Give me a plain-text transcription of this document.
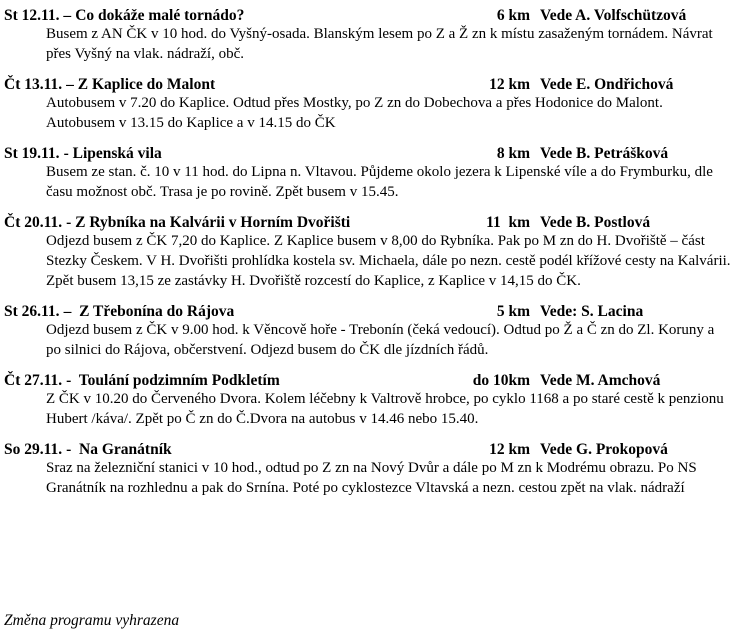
St 12.11. – Co dokáže malé tornádo?	6 km Vede A. Volfschützová

Busem z AN ČK v 10 hod. do Vyšný-osada. Blanským lesem po Z a Ž zn k místu zasaženým tornádem. Návrat přes Vyšný na vlak. nádraží, obč.

Čt 13.11. – Z Kaplice do Malont	12 km Vede E. Ondřichová

Autobusem v 7.20 do Kaplice. Odtud přes Mostky, po Z zn do Dobechova a přes Hodonice do Malont. Autobusem v 13.15 do Kaplice a v 14.15 do ČK

St 19.11. - Lipenská vila	8 km Vede B. Petrášková

Busem ze stan. č. 10 v 11 hod. do Lipna n. Vltavou. Půjdeme okolo jezera k Lipenské víle a do Frymburku, dle času možnost obč. Trasa je po rovině. Zpět busem v 15.45.

Čt 20.11. - Z Rybníka na Kalvárii v Horním Dvořišti	11  km Vede B. Postlová

Odjezd busem z ČK 7,20 do Kaplice. Z Kaplice busem v 8,00 do Rybníka. Pak po M zn do H. Dvořiště – část Stezky Českem. V H. Dvořišti prohlídka kostela sv. Michaela, dále po nezn. cestě podél křížové cesty na Kalvárii. Zpět busem 13,15 ze zastávky H. Dvořiště rozcestí do Kaplice, z Kaplice v 14,15 do ČK.

St 26.11. –  Z Třebonína do Rájova	5 km Vede: S. Lacina

Odjezd busem z ČK v 9.00 hod. k Věncově hoře - Trebonín (čeká vedoucí). Odtud po Ž a Č zn do Zl. Koruny a po silnici do Rájova, občerstvení. Odjezd busem do ČK dle jízdních řádů.

Čt 27.11. -  Toulání podzimním Podkletím	do 10km Vede M. Amchová

Z ČK v 10.20 do Červeného Dvora. Kolem léčebny k Valtrově hrobce, po cyklo 1168 a po staré cestě k penzionu Hubert /káva/. Zpět po Č zn do Č.Dvora na autobus v 14.46 nebo 15.40.

So 29.11. -  Na Granátník	12 km Vede G. Prokopová

Sraz na železniční stanici v 10 hod., odtud po Z zn na Nový Dvůr a dále po M zn k Modrému obrazu. Po NS Granátník na rozhlednu a pak do Srnína. Poté po cyklostezce Vltavská a nezn. cestou zpět na vlak. nádraží

Změna programu vyhrazena
